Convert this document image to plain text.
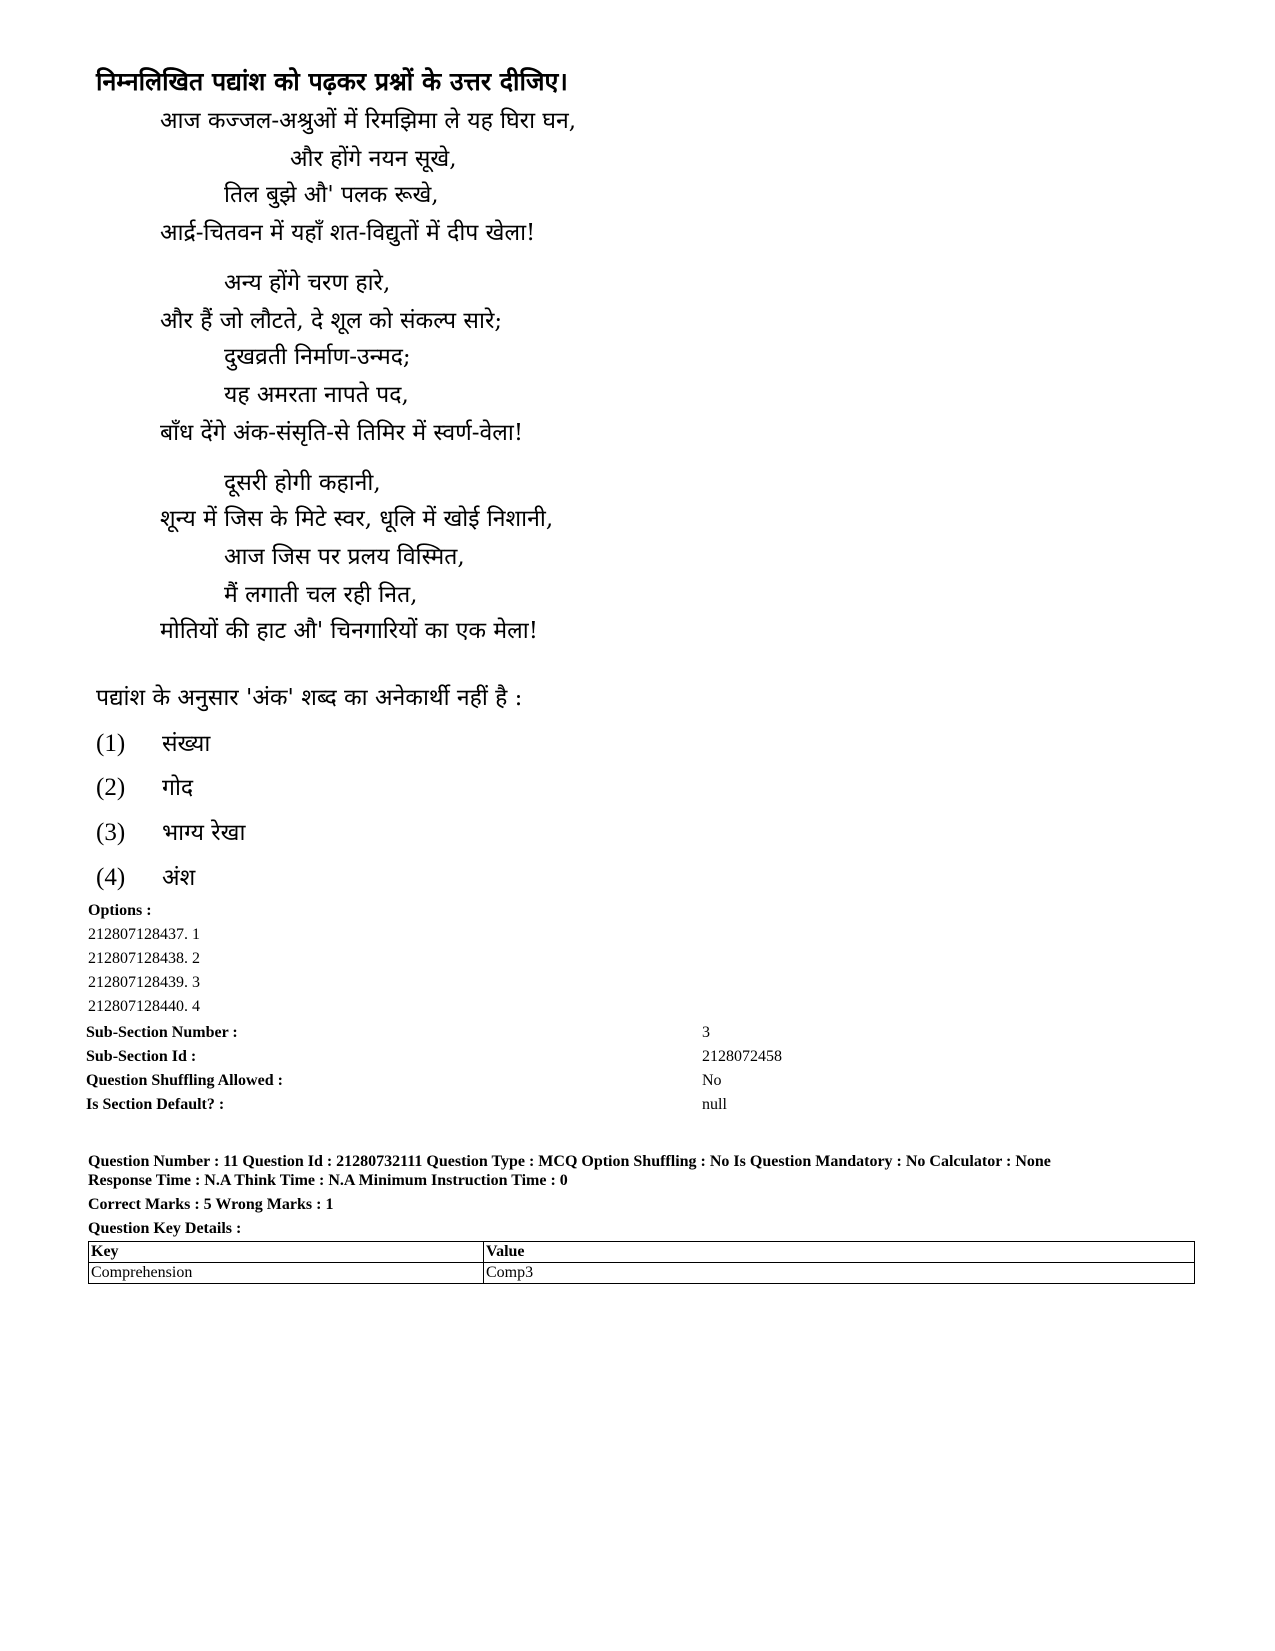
निम्नलिखित पद्यांश को पढ़कर प्रश्नों के उत्तर दीजिए।
आज कज्जल-अश्रुओं में रिमझिमा ले यह घिरा घन,
और होंगे नयन सूखे,
तिल बुझे औ' पलक रूखे,
आर्द्र-चितवन में यहाँ शत-विद्युतों में दीप खेला!
अन्य होंगे चरण हारे,
और हैं जो लौटते, दे शूल को संकल्प सारे;
दुखव्रती निर्माण-उन्मद;
यह अमरता नापते पद,
बाँध देंगे अंक-संसृति-से तिमिर में स्वर्ण-वेला!
दूसरी होगी कहानी,
शून्य में जिस के मिटे स्वर, धूलि में खोई निशानी,
आज जिस पर प्रलय विस्मित,
मैं लगाती चल रही नित,
मोतियों की हाट औ' चिनगारियों का एक मेला!
पद्यांश के अनुसार 'अंक' शब्द का अनेकार्थी नहीं है :
(1) संख्या
(2) गोद
(3) भाग्य रेखा
(4) अंश
Options :
212807128437. 1
212807128438. 2
212807128439. 3
212807128440. 4
Sub-Section Number :	3
Sub-Section Id :	2128072458
Question Shuffling Allowed :	No
Is Section Default? :	null
Question Number : 11 Question Id : 21280732111 Question Type : MCQ Option Shuffling : No Is Question Mandatory : No Calculator : None
Response Time : N.A Think Time : N.A Minimum Instruction Time : 0
Correct Marks : 5 Wrong Marks : 1
Question Key Details :
Key	Value
Comprehension	Comp3
